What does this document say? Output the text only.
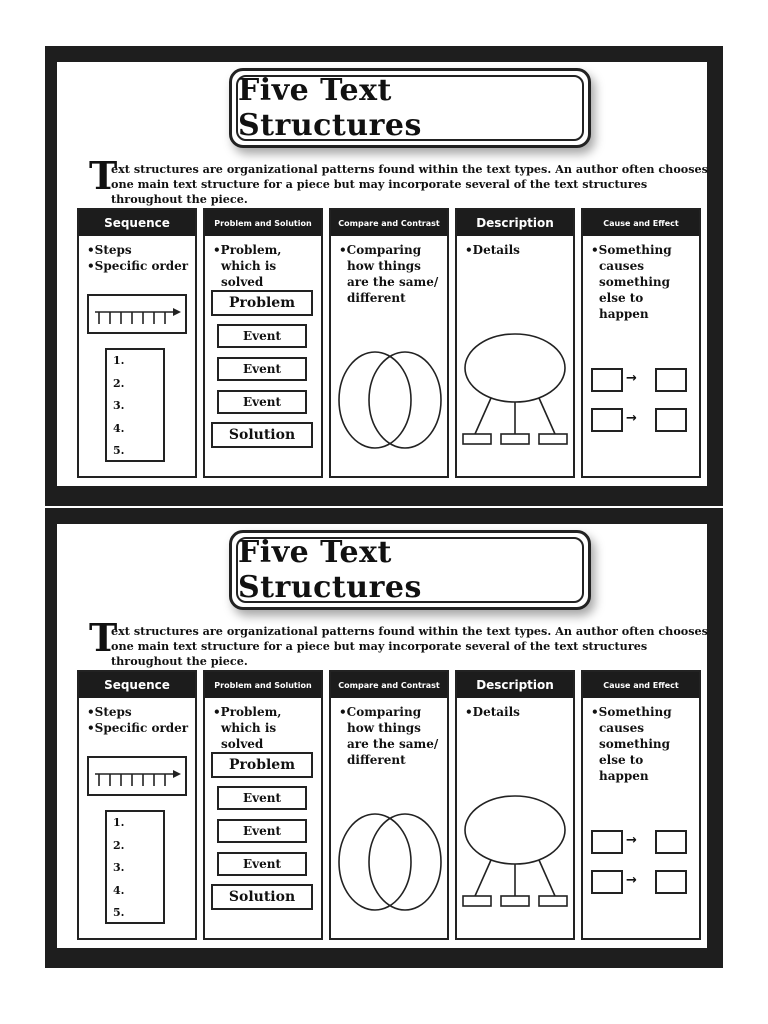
Five Text Structures
T
ext structures are organizational patterns found within the text types. An author often chooses one main text structure for a piece but may incorporate several of the text structures throughout the piece.
Sequence
• Steps
• Specific order
1.
2.
3.
4.
5.
Problem and Solution
• Problem, which is solved
Problem
Event
Event
Event
Solution
Compare and Contrast
• Comparing how things are the same/ different
Description
• Details
Cause and Effect
• Something causes something else to happen
→
→
Five Text Structures
T
ext structures are organizational patterns found within the text types. An author often chooses one main text structure for a piece but may incorporate several of the text structures throughout the piece.
Sequence
• Steps
• Specific order
1.
2.
3.
4.
5.
Problem and Solution
• Problem, which is solved
Problem
Event
Event
Event
Solution
Compare and Contrast
• Comparing how things are the same/ different
Description
• Details
Cause and Effect
• Something causes something else to happen
→
→
